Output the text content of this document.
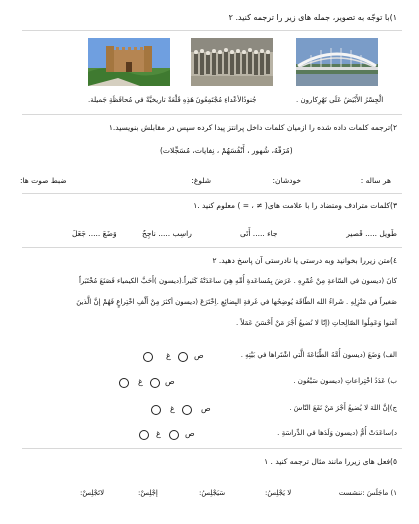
١)با توجّه به تصویر، جمله های زیر را ترجمه کنید. ٢
هَذِهِ قَلْعَةٌ تاريخيَّةٌ في مُحافَظَةِ جَميلة.
جُنودُالأعْداءِ مُجْتَمِعُونَ .	الْجِسْرُ الأَبْيَضُ عَلَى نَهْرِكارون .
٢)ترجمه کلمات داده شده را ازمیان کلمات داخل پرانتز پیدا کرده سپس در مقابلش بنویسید.١
(مُرَفّهُ، شُهور ، أَنْفُسَهُمْ ، نِفايات، مُسَجِّلات)
هر ساله :
خودشان:
شلوغ:
ضبط صوت ها:
٣)کلمات مترادف ومتضاد را با علامت های( ≠ ، = ) معلوم کنید .١
طَويل ..... قَصير
جاء ..... أَتَى
راسِب ..... ناجِحٌ
وَضَعَ ..... جَعَلَ
٤)متن زیررا بخوانید وبه درستی یا نادرستی آن پاسخ دهید. ٢
كانَ (ديسون في السّاعةِ مِنْ عُمْرِهِ . عَرَضَ بِمُساعَدةِ أُمِّهِ هِيَ ساعَدَتْهُ كَثيراً.(ديسون )أَحَبَّ الكيمياء فَصَنَعَ مُخْتَبَراً
صَغيراً في مَنْزِلِهِ . شَراءُ الله الطّاقَة يُوضِحُها في غَرفةِ البِضائِعِ .اِخْتَرَعَ (ديسون أكثرَ مِنْ أَلْفِ اخْتِراعٍ فَهُمْ إنَّ الَّذينَ
آمَنوا وَعَمِلُوا الصّالِحاتِ (إنّا لا نُضيعُ أَجْرَ مَنْ أَحْسَنَ عَمَلاً .
الف) وَضَعَ (ديسون أُمَّهُ الطِّبَاعَةَ الَّتي اشْتَراها في بَيْتِهِ .
ب) عَدَدُ اخْتِراعاتِ (ديسون سَبْعُون .
ج)إنَّ اللهَ لا يُضيعُ أَجْرَ مَنْ نَفَعَ النّاسَ .
د)ساعَدَتْ أُمُّ (ديسون وَلَدَها في الدِّراسَةِ .
ص
غ
ص
غ
ص
غ
ص
غ
٥)فعل های زیررا مانند مثال ترجمه کنید . ١
١) ماجَلَسَ :ننشست
لا يَجْلِسُ:
سَيَجْلِسُ:
إجْلِسْ:
لاتَجْلِسْ:
